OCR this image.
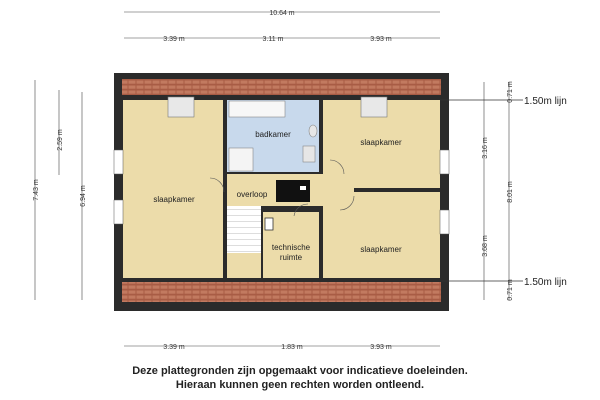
10.64 m
3.39 m	3.11 m	3.93 m
3.39 m	1.83 m	3.93 m
7.43 m
2.59 m
6.94 m
0.71 m
3.16 m
8.01 m
3.68 m
0.71 m
badkamer
slaapkamer
slaapkamer
slaapkamer
overloop
technische
ruimte
1.50m lijn
1.50m lijn
Deze plattegronden zijn opgemaakt voor indicatieve doeleinden.
Hieraan kunnen geen rechten worden ontleend.
